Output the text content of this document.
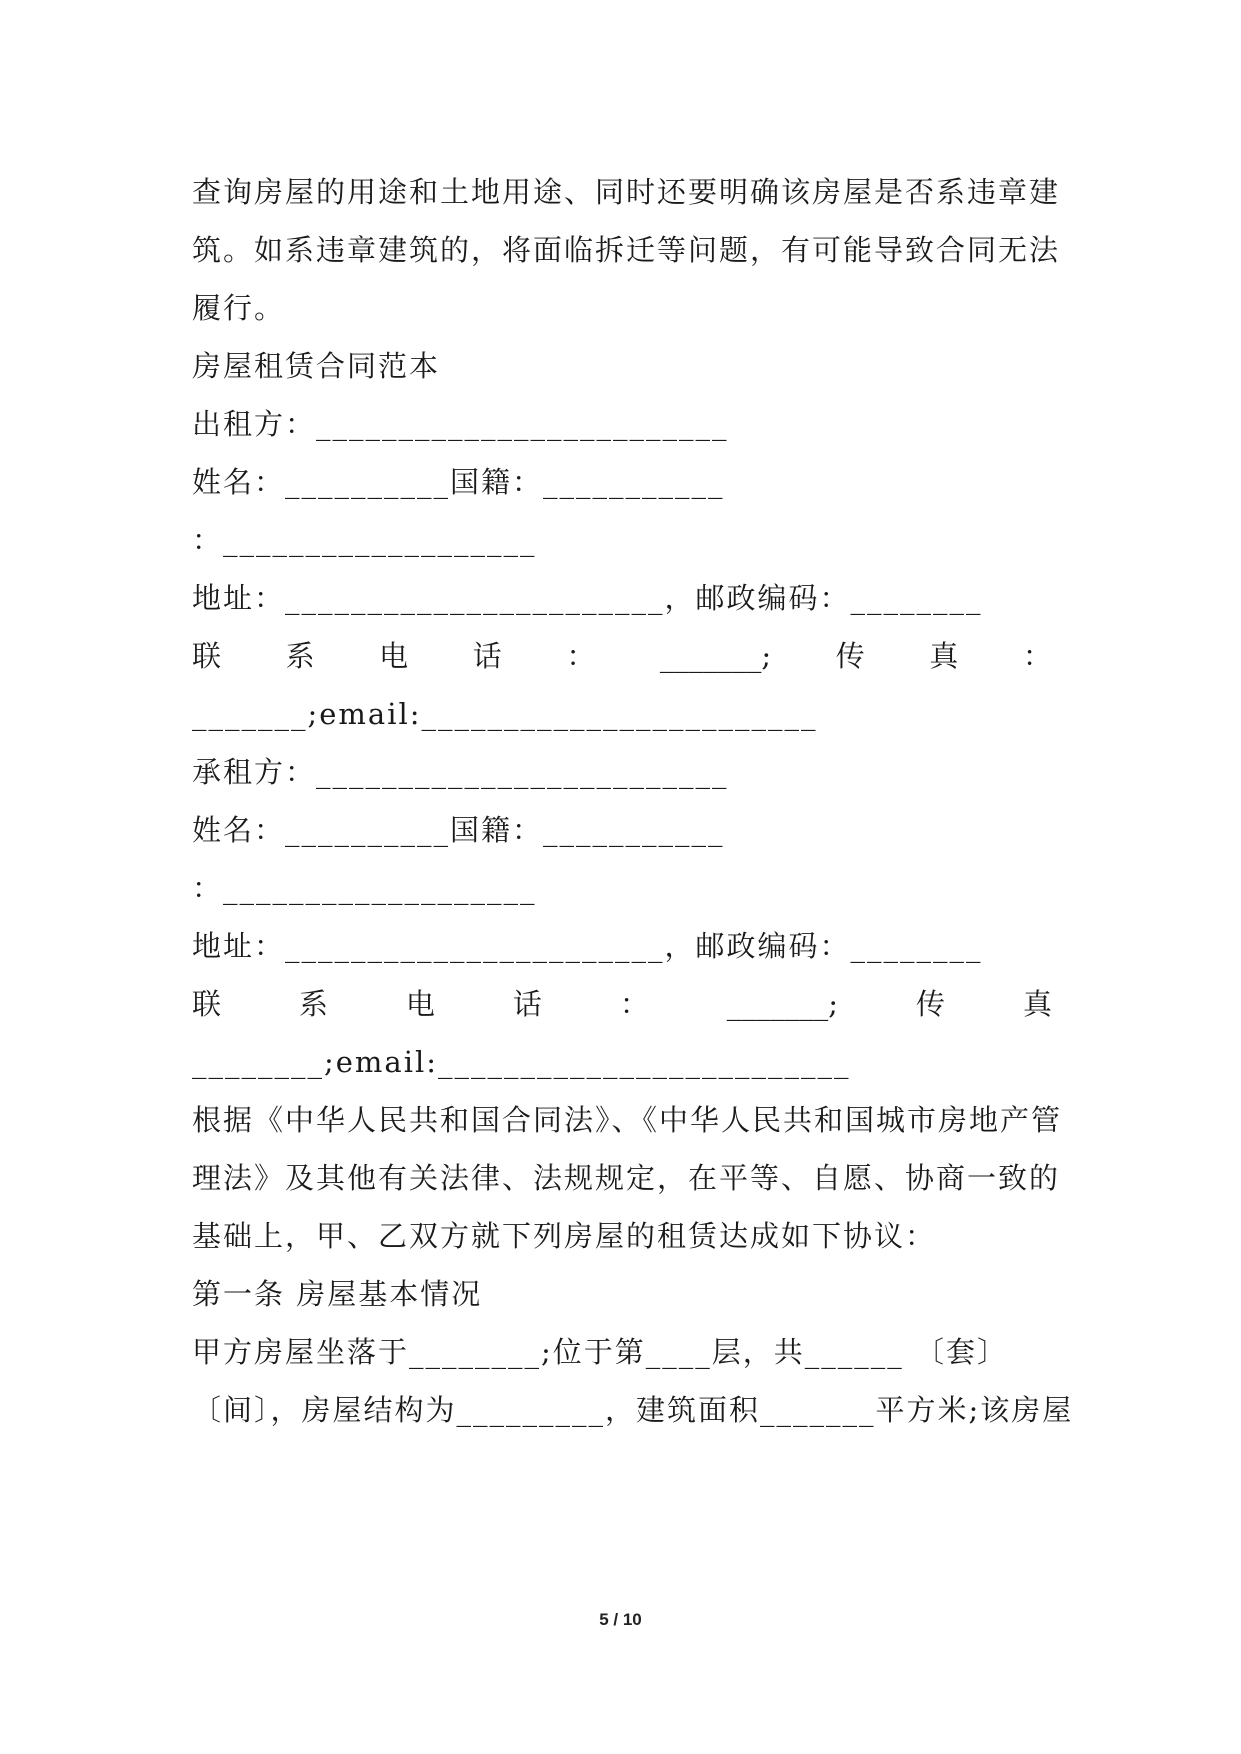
查询房屋的用途和土地用途、同时还要明确该房屋是否系违章建
筑。如系违章建筑的，将面临拆迁等问题，有可能导致合同无法
履行。
房屋租赁合同范本
出租方：_________________________
姓名：__________国籍：___________
：___________________
地址：_______________________，邮政编码：________
联 系 电 话 ： _______; 传 真 ：
_______;email:________________________
承租方：_________________________
姓名：__________国籍：___________
：___________________
地址：_______________________，邮政编码：________
联	系	电	话	：	_______;	传	真
________;email:_________________________
根据《中华人民共和国合同法》、《中华人民共和国城市房地产管
理法》及其他有关法律、法规规定，在平等、自愿、协商一致的
基础上，甲、乙双方就下列房屋的租赁达成如下协议：
第一条 房屋基本情况
甲方房屋坐落于________;位于第____层，共______ 〔套〕
〔间〕，房屋结构为_________，建筑面积_______平方米;该房屋
5 / 10
